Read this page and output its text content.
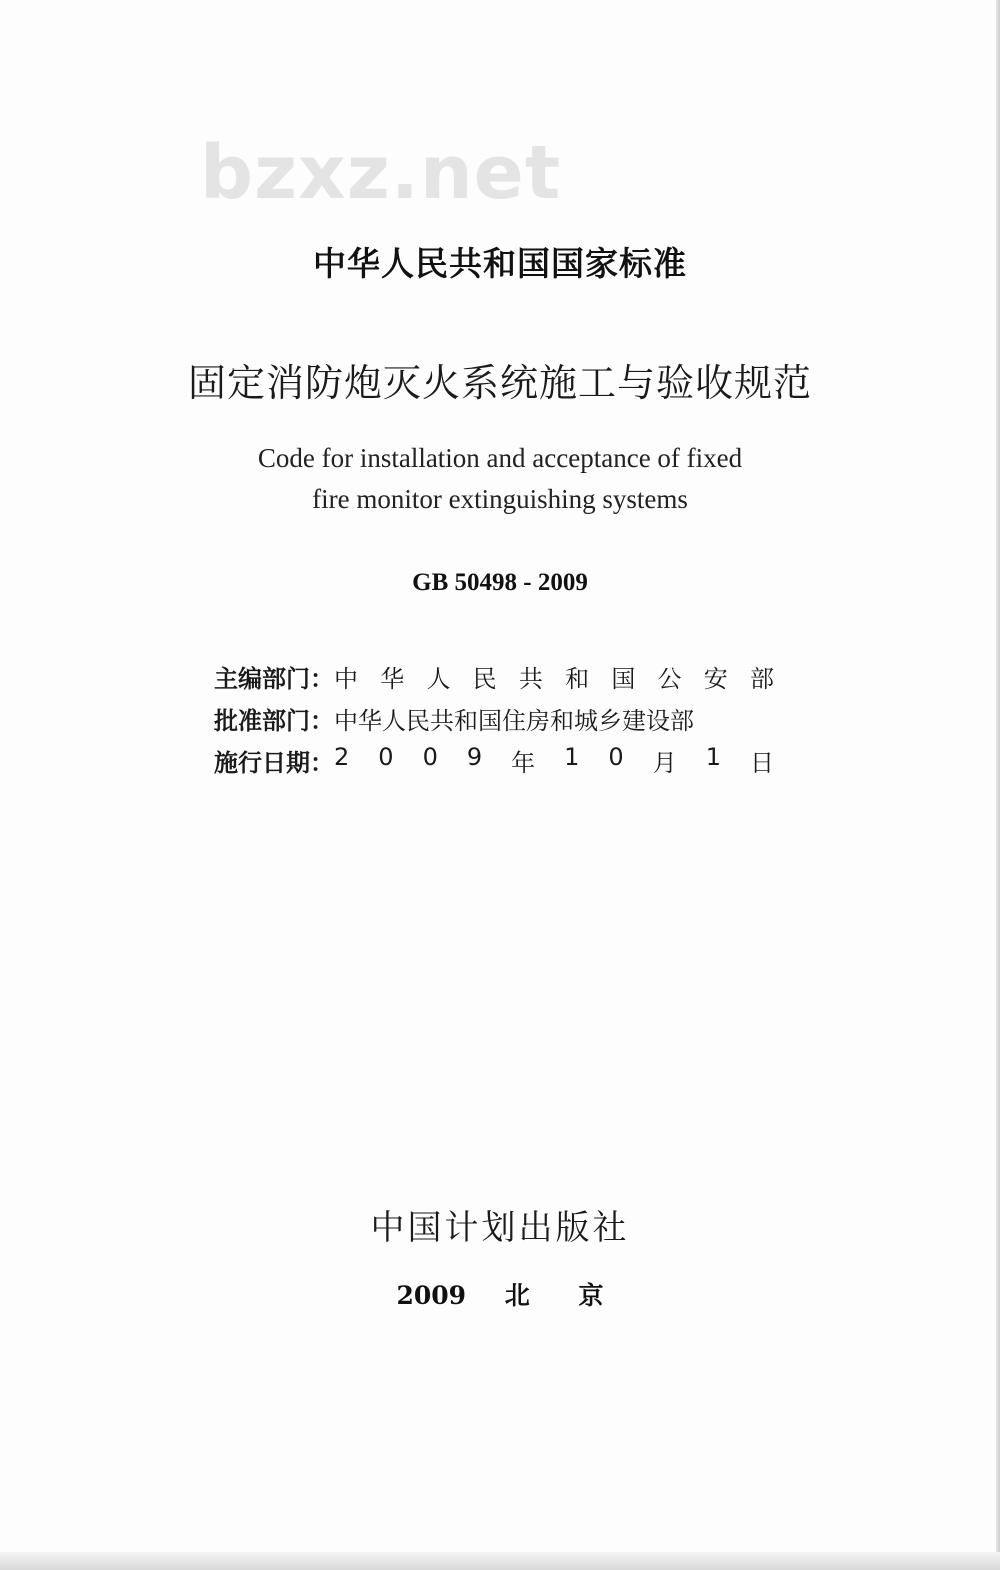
bzxz.net
中华人民共和国国家标准
固定消防炮灭火系统施工与验收规范
Code for installation and acceptance of fixed
fire monitor extinguishing systems
GB 50498 - 2009
主编部门： 中 华 人 民 共 和 国 公 安 部
批准部门： 中华人民共和国住房和城乡建设部
施行日期： 2 0 0 9 年 1 0 月 1 日
中国计划出版社
2009 北 京
